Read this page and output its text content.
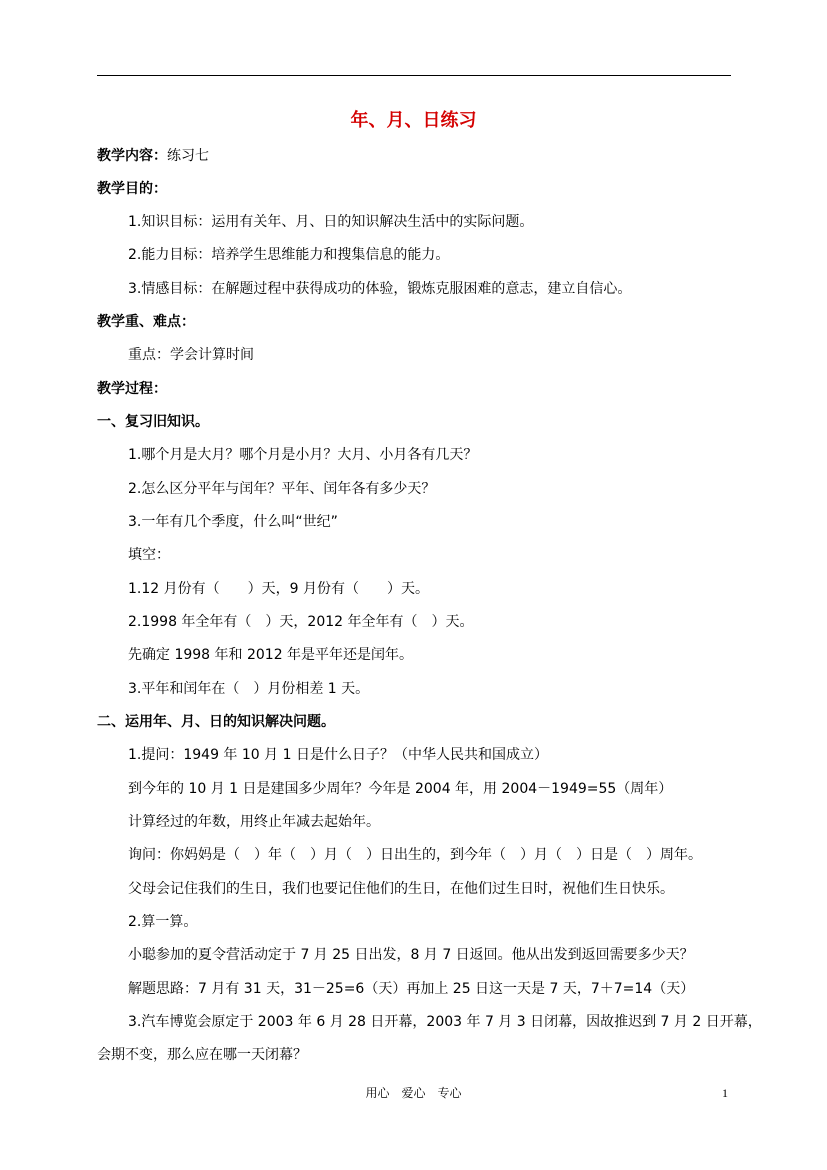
年、月、日练习
教学内容：练习七
教学目的：
1.知识目标：运用有关年、月、日的知识解决生活中的实际问题。
2.能力目标：培养学生思维能力和搜集信息的能力。
3.情感目标：在解题过程中获得成功的体验，锻炼克服困难的意志，建立自信心。
教学重、难点：
重点：学会计算时间
教学过程：
一、复习旧知识。
1.哪个月是大月？哪个月是小月？大月、小月各有几天？
2.怎么区分平年与闰年？平年、闰年各有多少天？
3.一年有几个季度，什么叫“世纪”
填空：
1.12 月份有（　　）天，9 月份有（　　）天。
2.1998 年全年有（　）天，2012 年全年有（　）天。
先确定 1998 年和 2012 年是平年还是闰年。
3.平年和闰年在（　）月份相差 1 天。
二、运用年、月、日的知识解决问题。
1.提问：1949 年 10 月 1 日是什么日子？（中华人民共和国成立）
到今年的 10 月 1 日是建国多少周年？今年是 2004 年，用 2004－1949=55（周年）
计算经过的年数，用终止年减去起始年。
询问：你妈妈是（　）年（　）月（　）日出生的，到今年（　）月（　）日是（　）周年。
父母会记住我们的生日，我们也要记住他们的生日，在他们过生日时，祝他们生日快乐。
2.算一算。
小聪参加的夏令营活动定于 7 月 25 日出发，8 月 7 日返回。他从出发到返回需要多少天？
解题思路：7 月有 31 天，31－25=6（天）再加上 25 日这一天是 7 天，7＋7=14（天）
3.汽车博览会原定于 2003 年 6 月 28 日开幕，2003 年 7 月 3 日闭幕，因故推迟到 7 月 2 日开幕，
会期不变，那么应在哪一天闭幕？
用心　爱心　专心	1
